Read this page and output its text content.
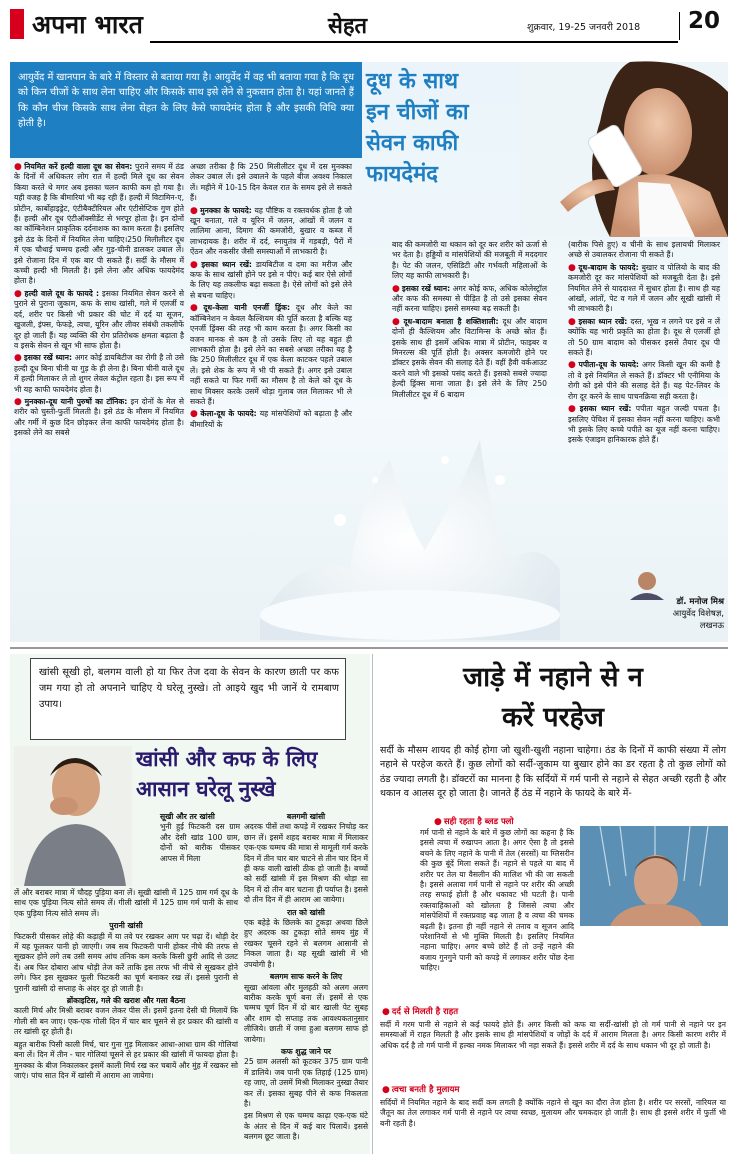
अपना भारत	सेहत	शुक्रवार, 19-25 जनवरी 2018 20
आयुर्वेद में खानपान के बारे में विस्तार से बताया गया है। आयुर्वेद में वह भी बताया गया है कि दूध को किन चीजों के साथ लेना चाहिए और किसके साथ इसे लेने से नुकसान होता है। यहां जानते हैं कि कौन चीज किसके साथ लेना सेहत के लिए कैसे फायदेमंद होता है और इसकी विधि क्या होती है।
दूध के साथ
इन चीजों का
सेवन काफी
फायदेमंद

● नियमित करें हल्दी वाला दूध का सेवन: पुराने समय में ठंड के दिनों में अधिकतर लोग रात में हल्दी मिले दूध का सेवन किया करते थे मगर अब इसका चलन काफी कम हो गया है। यही वजह है कि बीमारियां भी बढ़ रही हैं। हल्दी में विटामिन-ए, प्रोटीन, कार्बोहाइड्रेट, एंटीबैक्टीरियल और एंटीसेप्टिक गुण होते हैं। हल्दी और दूध एंटीऑक्सीडेंट से भरपूर होता है। इन दोनों का कॉम्बिनेशन प्राकृतिक दर्दनाशक का काम करता है। इसलिए इसे ठंड के दिनों में नियमित लेना चाहिए।250 मिलीलीटर दूध में एक चौथाई चम्मच हल्दी और गुड़-चीनी डालकर उबाल लें। इसे रोजाना दिन में एक बार पी सकते हैं। सर्दी के मौसम में कच्ची हल्दी भी मिलती है। इसे लेना और अधिक फायदेमंद होता है।

● हल्दी वाले दूध के फायदे : इसका नियमित सेवन करने से पुराने से पुराना जुकाम, कफ के साथ खांसी, गले में एलर्जी व दर्द, शरीर पर किसी भी प्रकार की चोट में दर्द या सूजन, खुजली, इंफ्स, फेफड़े, त्वचा, यूरिन और लीवर संबंधी तकलीफें दूर हो जाती हैं। यह व्यक्ति की रोग प्रतिरोधक क्षमता बढ़ाता है व इसके सेवन से खून भी साफ होता है।

● इसका रखें ध्यान: अगर कोई डायबिटीज का रोगी है तो उसे हल्दी दूध बिना चीनी या गुड़ के ही लेना है। बिना चीनी वाले दूध में हल्दी मिलाकर ले तो शुगर लेवल कंट्रोल रहता है। इस रूप में भी यह काफी फायदेमंद होता है।

● मुनक्का-दूध यानी पुरुषों का टॉनिक: इन दोनों के मेल से शरीर को चुस्ती-फुर्ती मिलती है। इसे ठंड के मौसम में नियमित और गर्मी में कुछ दिन छोड़कर लेना काफी फायदेमंद होता है। इसको लेने का सबसे

अच्छा तरीका है कि 250 मिलीलीटर दूध में दस मुनक्का लेकर उबाल लें। इसे उबालने के पहले बीज अवश्य निकाल लें। महीने में 10-15 दिन केवल रात के समय इसे ले सकते हैं।

● मुनक्का के फायदे: यह पौष्टिक व रक्तवर्धक होता है जो खून बनाता, गले व यूरिन में जलन, आंखों में जलन व लालिमा आना, दिमाग की कमजोरी, बुखार व कब्ज में लाभदायक है। शरीर में दर्द, स्नायुतंत्र में गड़बड़ी, पैरों में ऐंठन और नकसीर जैसी समस्याओं में लाभकारी है।

● इसका ध्यान रखें: डायबिटीज व दमा का मरीज और कफ के साथ खांसी होने पर इसे न पीएं। कई बार ऐसे लोगों के लिए यह तकलीफ बढ़ा सकता है। ऐसे लोगों को इसे लेने से बचना चाहिए।

● दूध-केला यानी एनर्जी ड्रिंक: दूध और केले का कॉम्बिनेशन न केवल कैल्शियम की पूर्ति करता है बल्कि यह एनर्जी ड्रिंक्स की तरह भी काम करता है। अगर किसी का वजन मानक से कम है तो उसके लिए तो यह बहुत ही लाभकारी होता है। इसे लेने का सबसे अच्छा तरीका यह है कि 250 मिलीलीटर दूध में एक केला काटकर पहले उबाल लें। इसे शेक के रूप में भी पी सकते हैं। अगर इसे उबाल नहीं सकते या फिर गर्मी का मौसम है तो केले को दूध के साथ मिक्सर करके उसमें थोड़ा गुलाब जल मिलाकर भी ले सकते हैं।

● केला-दूध के फायदे: यह मांसपेशियों को बढ़ाता है और बीमारियों के

बाद की कमजोरी या थकान को दूर कर शरीर को ऊर्जा से भर देता है। हड्डियों व मांसपेशियों की मजबूती में मददगार है। पेट की जलन, एसिडिटी और गर्भवती महिलाओं के लिए यह काफी लाभकारी है।

● इसका रखें ध्यान: अगर कोई कफ, अधिक कोलेस्ट्रॉल और कफ की समस्या से पीड़ित है तो उसे इसका सेवन नहीं करना चाहिए। इससे समस्या बढ़ सकती है।

● दूध-बादाम बनाता है शक्तिशाली: दूध और बादाम दोनों ही कैल्शियम और विटामिन्स के अच्छे स्रोत हैं। इसके साथ ही इसमें अधिक मात्रा में प्रोटीन, फाइबर व मिनरल्स की पूर्ति होती है। अक्सर कमजोरी होने पर डॉक्टर इसके सेवन की सलाह देते हैं। वहीं हैवी वर्कआउट करने वाले भी इसको पसंद करते हैं। इसको सबसे ज्यादा हेल्दी ड्रिंक्स माना जाता है। इसे लेने के लिए 250 मिलीलीटर दूध में 6 बादाम

(बारीक पिसे हुए) व चीनी के साथ इलायची मिलाकर अच्छे से उबालकर रोजाना पी सकते हैं।

● दूध-बादाम के फायदे: बुखार व पोलियो के बाद की कमजोरी दूर कर मांसपेशियों को मजबूती देता है। इसे नियमित लेने से याददाश्त में सुधार होता है। साथ ही यह आंखों, आंतों, पेट व गले में जलन और सूखी खांसी में भी लाभकारी है।

● इसका ध्यान रखें: दस्त, भूख न लगने पर इसे न लें क्योंकि यह भारी प्रकृति का होता है। दूध से एलर्जी हो तो 50 ग्राम बादाम को पीसकर इससे तैयार दूध पी सकते हैं।

● पपीता-दूध के फायदे: अगर किसी खून की कमी है तो वे इसे नियमित ले सकते हैं। डॉक्टर भी एनीमिया के रोगी को इसे पीने की सलाह देते हैं। यह पेट-लिवर के रोग दूर करने के साथ पाचनक्रिया सही करता है।

● इसका ध्यान रखें: पपीता बहुत जल्दी पचता है। इसलिए पेचिश में इसका सेवन नहीं करना चाहिए। कभी भी इसके लिए कच्चे पपीते का यूज नहीं करना चाहिए। इसके एंजाइम हानिकारक होते हैं।

डॉ. मनोज मिश्र
आयुर्वेद विशेषज्ञ,
लखनऊ
खांसी सूखी हो, बलगम वाली हो या फिर तेज दवा के सेवन के कारण छाती पर कफ जम गया हो तो अपनाने चाहिए ये घरेलू नुस्खे। तो आइये खुद भी जानें ये रामबाण उपाय।
खांसी और कफ के लिए
आसान घरेलू नुस्खे
सूखी और तर खांसी
भुनी हुई फिटकरी दस ग्राम और देसी खांड 100 ग्राम, दोनों को बारीक पीसकर आपस में मिला

लें और बराबर मात्रा में चौदह पुड़िया बना लें। सूखी खांसी में 125 ग्राम गर्म दूध के साथ एक पुड़िया नित्य सोते समय लें। गीली खांसी में 125 ग्राम गर्म पानी के साथ एक पुड़िया नित्य सोते समय लें।

पुरानी खांसी

फिटकरी पीसकर लोहे की कड़ाही में या तवे पर रखकर आग पर चढ़ा दें। थोड़ी देर में यह फूलकर पानी हो जाएगी। जब सब फिटकरी पानी होकर नीचे की तरफ से सूखकर होने लगे तब उसी समय आंच तनिक कम करके किसी छुरी आदि से उलट दें। अब फिर दोबारा आंच थोड़ी तेज करें ताकि इस तरफ भी नीचे से सूखकर होने लगे। फिर इस सूखकर फूली फिटकरी का चूर्ण बनाकर रख लें। इससे पुरानी से पुरानी खांसी दो सप्ताह के अंदर दूर हो जाती है।

ब्रोंकाइटिस, गले की खराश और गला बैठना

काली मिर्च और मिश्री बराबर वजन लेकर पीस लें। इसमें इतना देसी घी मिलायें कि गोली सी बन जाए। एक-एक गोली दिन में चार बार चूसने से हर प्रकार की खांसी व तर खांसी दूर होती है।

बहुत बारीक पिसी काली मिर्च, चार गुना गुड़ मिलाकर आधा-आधा ग्राम की गोलियां बना लें। दिन में तीन - चार गोलियां चूसने से हर प्रकार की खांसी में फायदा होता है। मुनक्का के बीज निकालकर इसमें काली मिर्च रख कर चबायें और मुंह में रखकर सो जाएं। पांच सात दिन में खांसी में आराम आ जायेगा।

बलगमी खांसी

अदरक पीसें तथा कपड़े में रखकर निचोड़ कर छान लें। इसमें शहद बराबर मात्रा में मिलाकर एक-एक चम्मच की मात्रा से मामूली गर्म करके दिन में तीन चार बार चाटने से तीन चार दिन में ही कफ वाली खांसी ठीक हो जाती है। बच्चों को सर्दी खांसी में इस मिश्रण की थोड़ा सा दिन में दो तीन बार चटाना ही पर्याप्त है। इससे दो तीन दिन में ही आराम आ जायेगा।

रात को खांसी

एक बहेड़े के छिलके का टुकड़ा अथवा छिले हुए अदरक का टुकड़ा सोते समय मुंह में रखकर चूसने रहने से बलगम आसानी से निकल जाता है। यह सूखी खांसी में भी उपयोगी है।

बलगम साफ करने के लिए

सूखा आंवला और मुलहठी को अलग अलग बारीक करके चूर्ण बना लें। इसमें से एक चम्मच चूर्ण दिन में दो बार खाली पेट सुबह और शाम दो सप्ताह तक आवश्यकतानुसार लीजिये। छाती में जमा हुआ बलगम साफ हो जायेगा।

कफ शुद्ध जाने पर

25 ग्राम अलसी को कूटकर 375 ग्राम पानी में डालिये। जब पानी एक तिहाई (125 ग्राम) रह जाए, तो उसमें मिश्री मिलाकर नुस्खा तैयार कर लें। इसका सुबह पीने से कफ निकलता है।

इस मिश्रण से एक चम्मच काढ़ा एक-एक घंटे के अंतर से दिन में कई बार पिलायें। इससे बलगम छूट जाता है।

जाड़े में नहाने से न
करें परहेज
सर्दी के मौसम शायद ही कोई होगा जो खुशी-खुशी नहाना चाहेगा। ठंड के दिनों में काफी संख्या में लोग नहाने से परहेज करते हैं। कुछ लोगों को सर्दी-जुकाम या बुखार होने का डर रहता है तो कुछ लोगों को ठंड ज्यादा लगती है। डॉक्टरों का मानना है कि सर्दियों में गर्म पानी से नहाने से सेहत अच्छी रहती है और थकान व आलस दूर हो जाता है। जानते हैं ठंड में नहाने के फायदे के बारे में-
● सही रहता है ब्लड फ्लो
गर्म पानी से नहाने के बारे में कुछ लोगों का कहना है कि इससे त्वचा में रुखापन आता है। अगर ऐसा है तो इससे बचने के लिए नहाने के पानी में तेल (सरसों) या ग्लिसरीन की कुछ बूंदें मिला सकते हैं। नहाने से पहले या बाद में शरीर पर तेल या वैसलीन की मालिश भी की जा सकती है। इससे अलावा गर्म पानी से नहाने पर शरीर की अच्छी तरह सफाई होती है और थकावट भी घटती है। पानी रक्तवाहिकाओं को खोलता है जिससे त्वचा और मांसपेशियों में रक्तप्रवाह बढ़ जाता है व त्वचा की चमक बढ़ती है। इतना ही नहीं नहाने से तनाव व सूजन आदि परेशानियों से भी मुक्ति मिलती है। इसलिए नियमित नहाना चाहिए। अगर बच्चे छोटे हैं तो उन्हें नहाने की बजाय गुनगुने पानी को कपड़े में लगाकर शरीर पोंछ देना चाहिए।
● दर्द से मिलती है राहत
सर्दी में गरम पानी से नहाने से कई फायदे होते हैं। अगर किसी को कफ या सर्दी-खांसी हो तो गर्म पानी से नहाने पर इन समस्याओं में राहत मिलती है और इसके साथ ही मांसपेशियों व जोड़ों के दर्द में आराम मिलता है। अगर किसी कारण शरीर में अधिक दर्द है तो गर्म पानी में हल्का नमक मिलाकर भी नहा सकते हैं। इससे शरीर में दर्द के साथ थकान भी दूर हो जाती है।
● त्वचा बनती है मुलायम
सर्दियों में नियमित नहाने के बाद सर्दी कम लगती है क्योंकि नहाने से खून का दौरा तेज होता है। शरीर पर सरसों, नारियल या जैतून का तेल लगाकर गर्म पानी से नहाने पर त्वचा स्वच्छ, मुलायम और चमकदार हो जाती है। साथ ही इससे शरीर में फुर्ती भी बनी रहती है।
